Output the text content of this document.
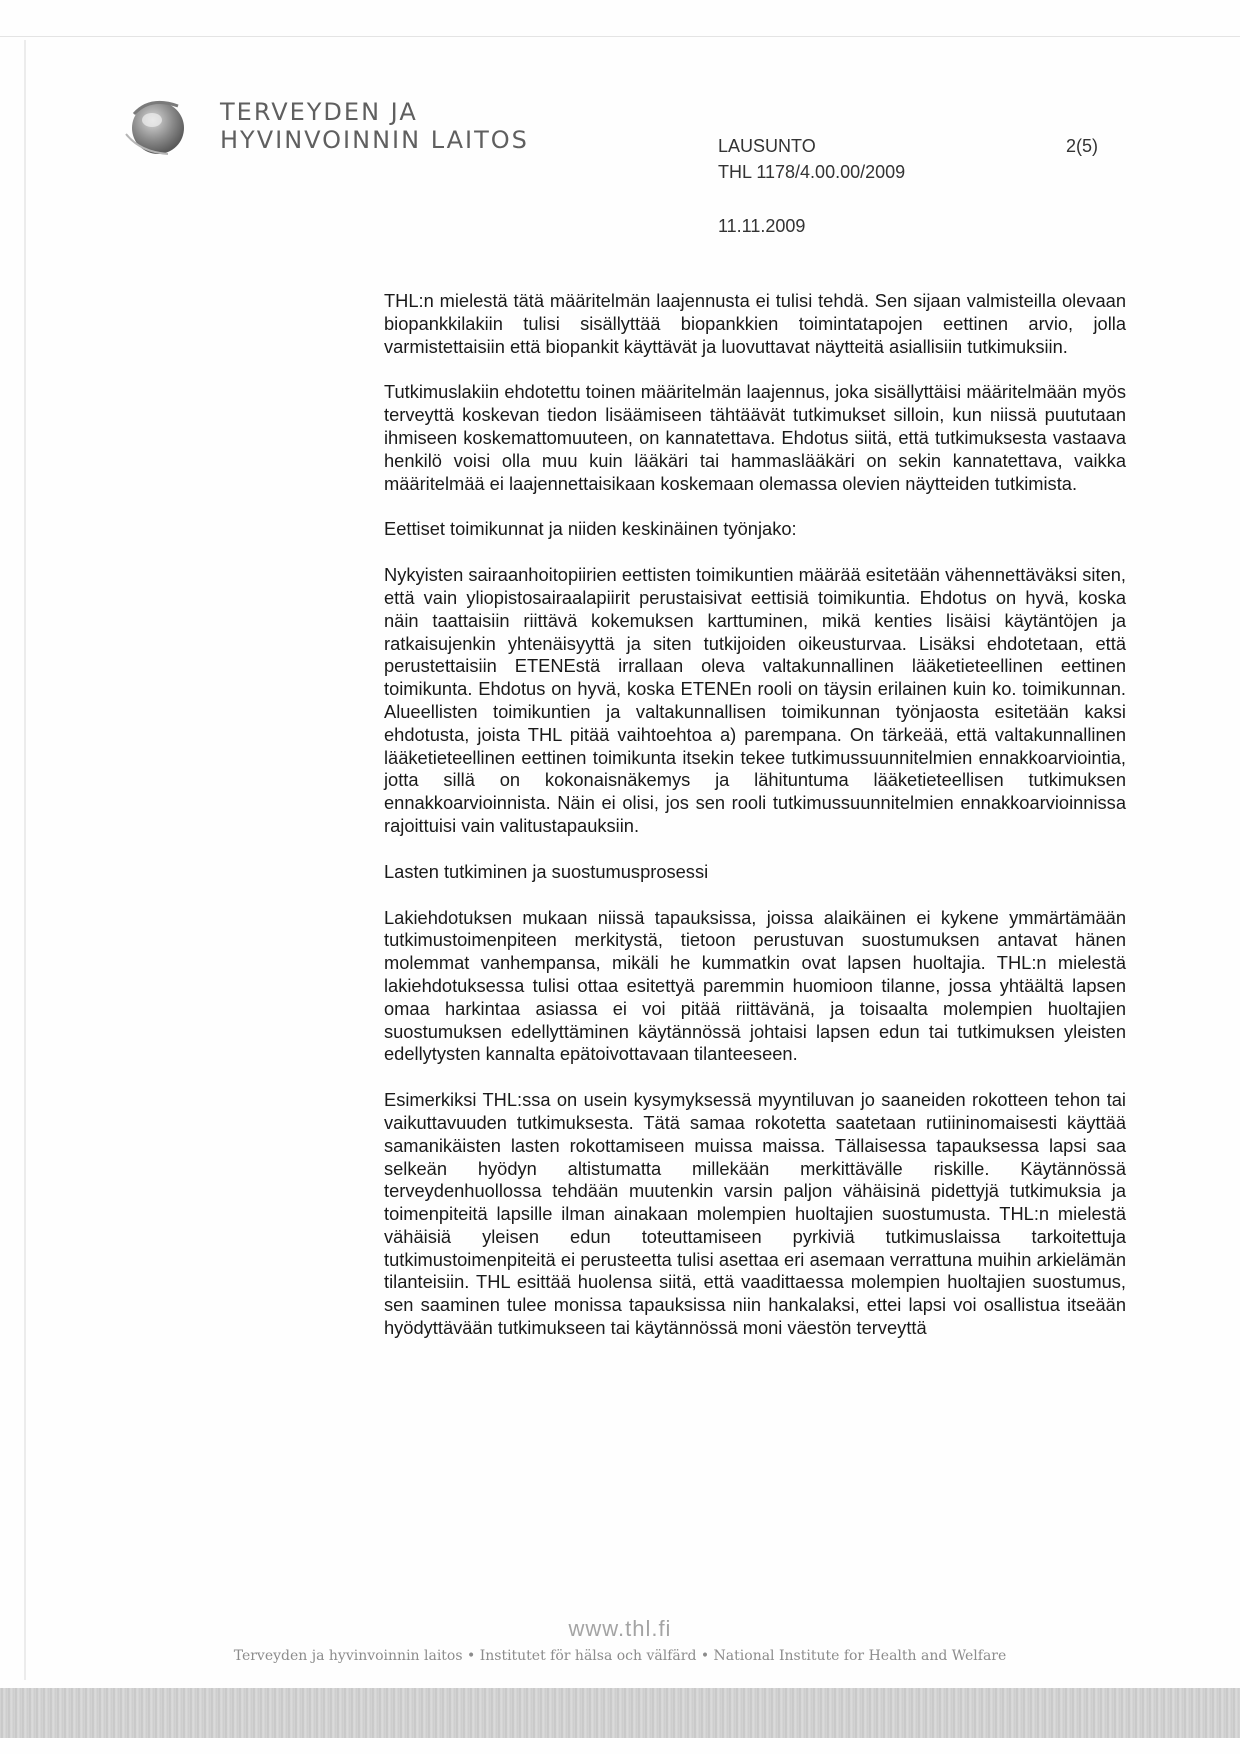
TERVEYDEN JA
HYVINVOINNIN LAITOS	LAUSUNTO	2(5)
THL 1178/4.00.00/2009
11.11.2009

THL:n mielestä tätä määritelmän laajennusta ei tulisi tehdä. Sen sijaan valmisteilla olevaan biopankkilakiin tulisi sisällyttää biopankkien toimintatapojen eettinen arvio, jolla varmistettaisiin että biopankit käyttävät ja luovuttavat näytteitä asiallisiin tutkimuksiin.

Tutkimuslakiin ehdotettu toinen määritelmän laajennus, joka sisällyttäisi määritelmään myös terveyttä koskevan tiedon lisäämiseen tähtäävät tutkimukset silloin, kun niissä puututaan ihmiseen koskemattomuuteen, on kannatettava. Ehdotus siitä, että tutkimuksesta vastaava henkilö voisi olla muu kuin lääkäri tai hammaslääkäri on sekin kannatettava, vaikka määritelmää ei laajennettaisikaan koskemaan olemassa olevien näytteiden tutkimista.

Eettiset toimikunnat ja niiden keskinäinen työnjako:

Nykyisten sairaanhoitopiirien eettisten toimikuntien määrää esitetään vähennettäväksi siten, että vain yliopistosairaalapiirit perustaisivat eettisiä toimikuntia. Ehdotus on hyvä, koska näin taattaisiin riittävä kokemuksen karttuminen, mikä kenties lisäisi käytäntöjen ja ratkaisujenkin yhtenäisyyttä ja siten tutkijoiden oikeusturvaa. Lisäksi ehdotetaan, että perustettaisiin ETENEstä irrallaan oleva valtakunnallinen lääketieteellinen eettinen toimikunta. Ehdotus on hyvä, koska ETENEn rooli on täysin erilainen kuin ko. toimikunnan. Alueellisten toimikuntien ja valtakunnallisen toimikunnan työnjaosta esitetään kaksi ehdotusta, joista THL pitää vaihtoehtoa a) parempana. On tärkeää, että valtakunnallinen lääketieteellinen eettinen toimikunta itsekin tekee tutkimussuunnitelmien ennakkoarviointia, jotta sillä on kokonaisnäkemys ja lähituntuma lääketieteellisen tutkimuksen ennakkoarvioinnista. Näin ei olisi, jos sen rooli tutkimussuunnitelmien ennakkoarvioinnissa rajoittuisi vain valitustapauksiin.

Lasten tutkiminen ja suostumusprosessi

Lakiehdotuksen mukaan niissä tapauksissa, joissa alaikäinen ei kykene ymmärtämään tutkimustoimenpiteen merkitystä, tietoon perustuvan suostumuksen antavat hänen molemmat vanhempansa, mikäli he kummatkin ovat lapsen huoltajia. THL:n mielestä lakiehdotuksessa tulisi ottaa esitettyä paremmin huomioon tilanne, jossa yhtäältä lapsen omaa harkintaa asiassa ei voi pitää riittävänä, ja toisaalta molempien huoltajien suostumuksen edellyttäminen käytännössä johtaisi lapsen edun tai tutkimuksen yleisten edellytysten kannalta epätoivottavaan tilanteeseen.

Esimerkiksi THL:ssa on usein kysymyksessä myyntiluvan jo saaneiden rokotteen tehon tai vaikuttavuuden tutkimuksesta. Tätä samaa rokotetta saatetaan rutiininomaisesti käyttää samanikäisten lasten rokottamiseen muissa maissa. Tällaisessa tapauksessa lapsi saa selkeän hyödyn altistumatta millekään merkittävälle riskille. Käytännössä terveydenhuollossa tehdään muutenkin varsin paljon vähäisinä pidettyjä tutkimuksia ja toimenpiteitä lapsille ilman ainakaan molempien huoltajien suostumusta. THL:n mielestä vähäisiä yleisen edun toteuttamiseen pyrkiviä tutkimuslaissa tarkoitettuja tutkimustoimenpiteitä ei perusteetta tulisi asettaa eri asemaan verrattuna muihin arkielämän tilanteisiin. THL esittää huolensa siitä, että vaadittaessa molempien huoltajien suostumus, sen saaminen tulee monissa tapauksissa niin hankalaksi, ettei lapsi voi osallistua itseään hyödyttävään tutkimukseen tai käytännössä moni väestön terveyttä

www.thl.fi
Terveyden ja hyvinvoinnin laitos • Institutet för hälsa och välfärd • National Institute for Health and Welfare
